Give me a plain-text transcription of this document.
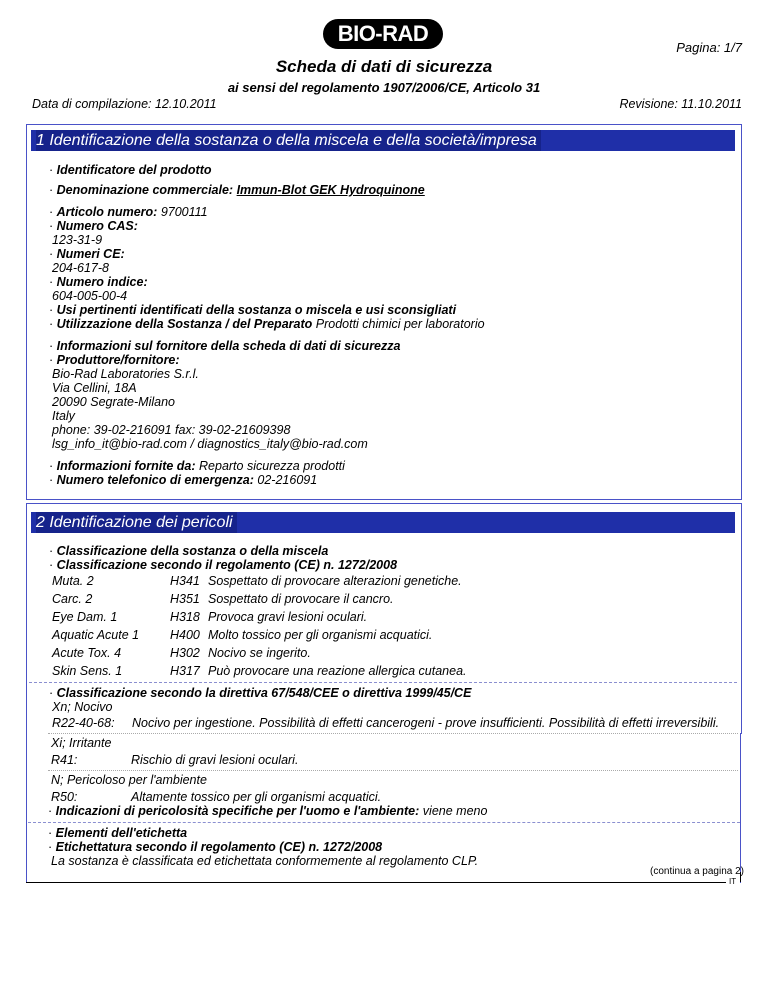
BIO-RAD
Pagina: 1/7
Scheda di dati di sicurezza
ai sensi del regolamento 1907/2006/CE, Articolo 31
Data di compilazione: 12.10.2011	Revisione: 11.10.2011
1 Identificazione della sostanza o della miscela e della società/impresa
· Identificatore del prodotto
· Denominazione commerciale: Immun-Blot GEK Hydroquinone
· Articolo numero: 9700111
· Numero CAS:
123-31-9
· Numeri CE:
204-617-8
· Numero indice:
604-005-00-4
· Usi pertinenti identificati della sostanza o miscela e usi sconsigliati
· Utilizzazione della Sostanza / del Preparato Prodotti chimici per laboratorio
· Informazioni sul fornitore della scheda di dati di sicurezza
· Produttore/fornitore:
Bio-Rad Laboratories S.r.l.
Via Cellini, 18A
20090 Segrate-Milano
Italy
phone: 39-02-216091 fax: 39-02-21609398
lsg_info_it@bio-rad.com / diagnostics_italy@bio-rad.com
· Informazioni fornite da: Reparto sicurezza prodotti
· Numero telefonico di emergenza: 02-216091
2 Identificazione dei pericoli
· Classificazione della sostanza o della miscela
· Classificazione secondo il regolamento (CE) n. 1272/2008
Muta. 2	H341 Sospettato di provocare alterazioni genetiche.
Carc. 2	H351 Sospettato di provocare il cancro.
Eye Dam. 1	H318 Provoca gravi lesioni oculari.
Aquatic Acute 1 H400 Molto tossico per gli organismi acquatici.
Acute Tox. 4	H302 Nocivo se ingerito.
Skin Sens. 1	H317 Può provocare una reazione allergica cutanea.
· Classificazione secondo la direttiva 67/548/CEE o direttiva 1999/45/CE
Xn; Nocivo
R22-40-68: Nocivo per ingestione. Possibilità di effetti cancerogeni - prove insufficienti. Possibilità di effetti irreversibili.
Xi; Irritante
R41:	Rischio di gravi lesioni oculari.
N; Pericoloso per l'ambiente
R50:	Altamente tossico per gli organismi acquatici.
· Indicazioni di pericolosità specifiche per l'uomo e l'ambiente: viene meno
· Elementi dell'etichetta
· Etichettatura secondo il regolamento (CE) n. 1272/2008
La sostanza è classificata ed etichettata conformemente al regolamento CLP.
(continua a pagina 2)
IT
